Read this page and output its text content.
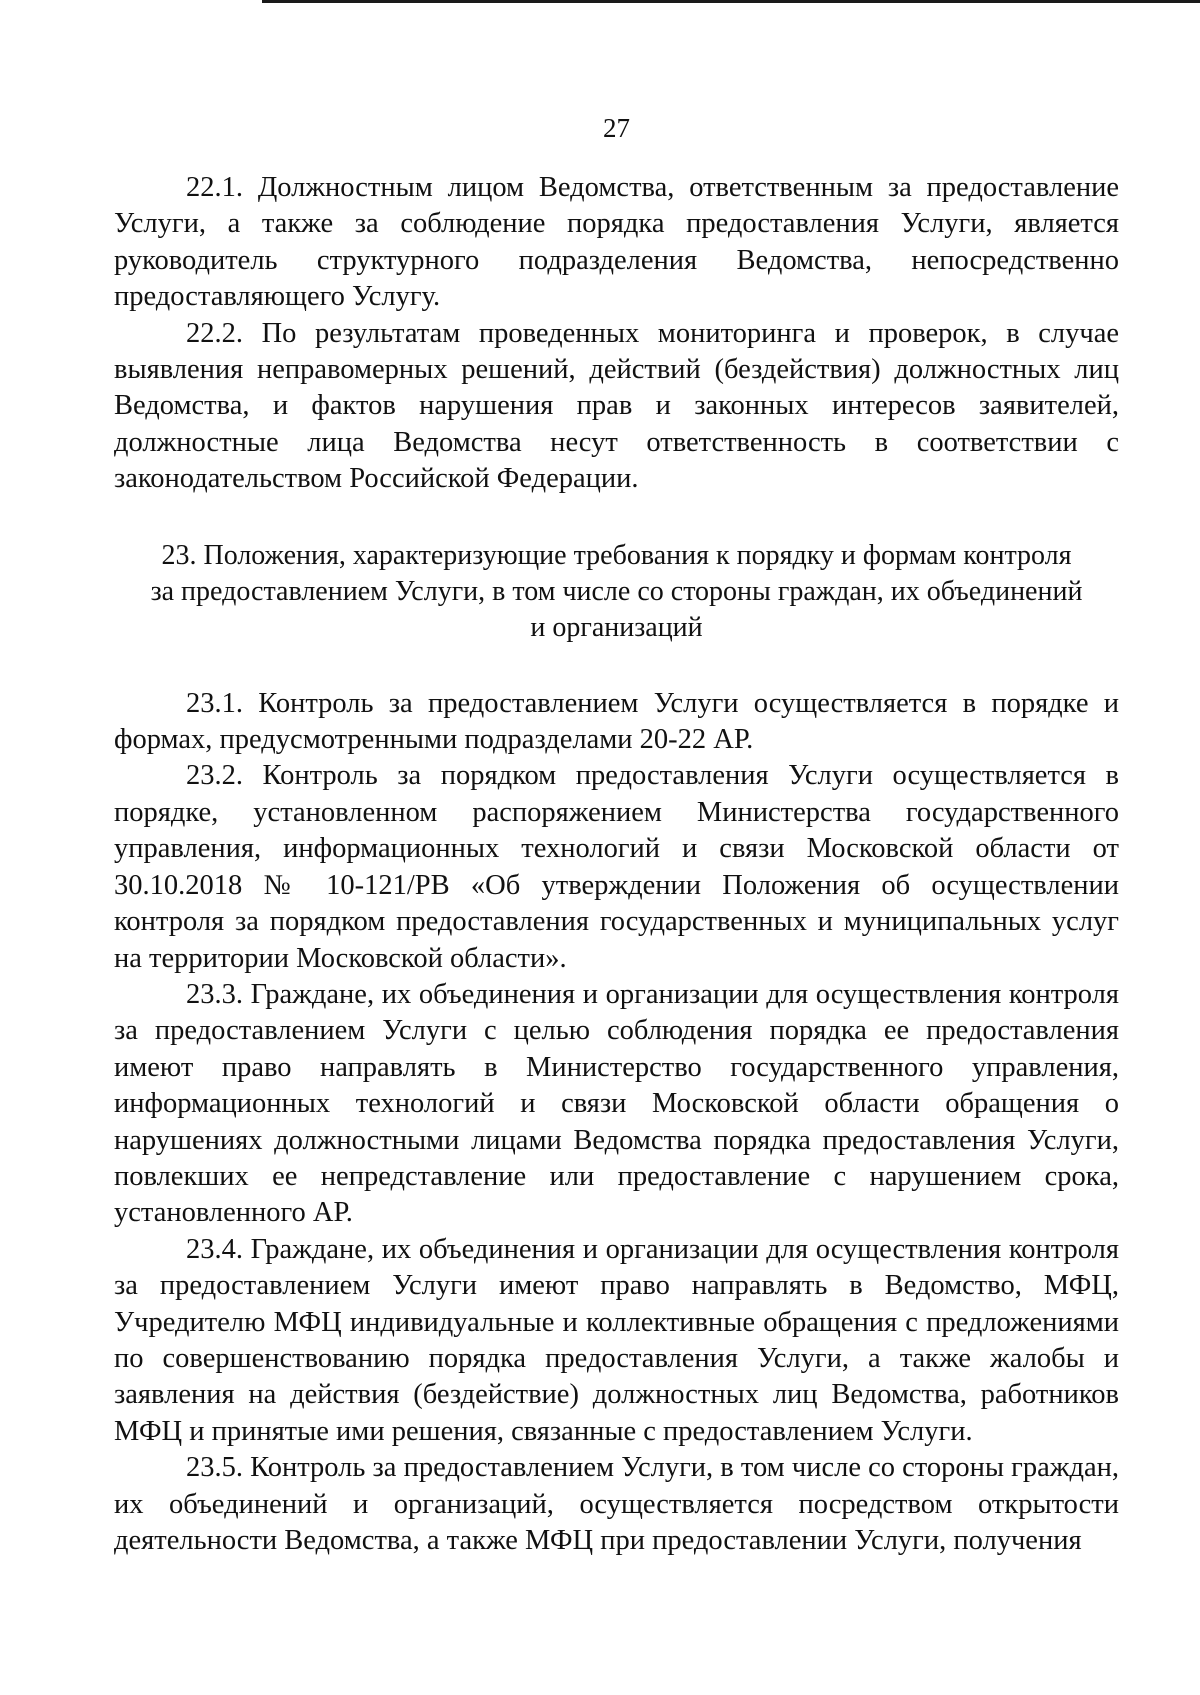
27

22.1. Должностным лицом Ведомства, ответственным за предоставление Услуги, а также за соблюдение порядка предоставления Услуги, является руководитель структурного подразделения Ведомства, непосредственно предоставляющего Услугу.

22.2. По результатам проведенных мониторинга и проверок, в случае выявления неправомерных решений, действий (бездействия) должностных лиц Ведомства, и фактов нарушения прав и законных интересов заявителей, должностные лица Ведомства несут ответственность в соответствии с законодательством Российской Федерации.

23. Положения, характеризующие требования к порядку и формам контроля
за предоставлением Услуги, в том числе со стороны граждан, их объединений
и организаций

23.1. Контроль за предоставлением Услуги осуществляется в порядке и формах, предусмотренными подразделами 20-22 АР.

23.2. Контроль за порядком предоставления Услуги осуществляется в порядке, установленном распоряжением Министерства государственного управления, информационных технологий и связи Московской области от 30.10.2018 № 10-121/РВ «Об утверждении Положения об осуществлении контроля за порядком предоставления государственных и муниципальных услуг на территории Московской области».

23.3. Граждане, их объединения и организации для осуществления контроля за предоставлением Услуги с целью соблюдения порядка ее предоставления имеют право направлять в Министерство государственного управления, информационных технологий и связи Московской области обращения о нарушениях должностными лицами Ведомства порядка предоставления Услуги, повлекших ее непредставление или предоставление с нарушением срока, установленного АР.

23.4. Граждане, их объединения и организации для осуществления контроля за предоставлением Услуги имеют право направлять в Ведомство, МФЦ, Учредителю МФЦ индивидуальные и коллективные обращения с предложениями по совершенствованию порядка предоставления Услуги, а также жалобы и заявления на действия (бездействие) должностных лиц Ведомства, работников МФЦ и принятые ими решения, связанные с предоставлением Услуги.

23.5. Контроль за предоставлением Услуги, в том числе со стороны граждан, их объединений и организаций, осуществляется посредством открытости деятельности Ведомства, а также МФЦ при предоставлении Услуги, получения
